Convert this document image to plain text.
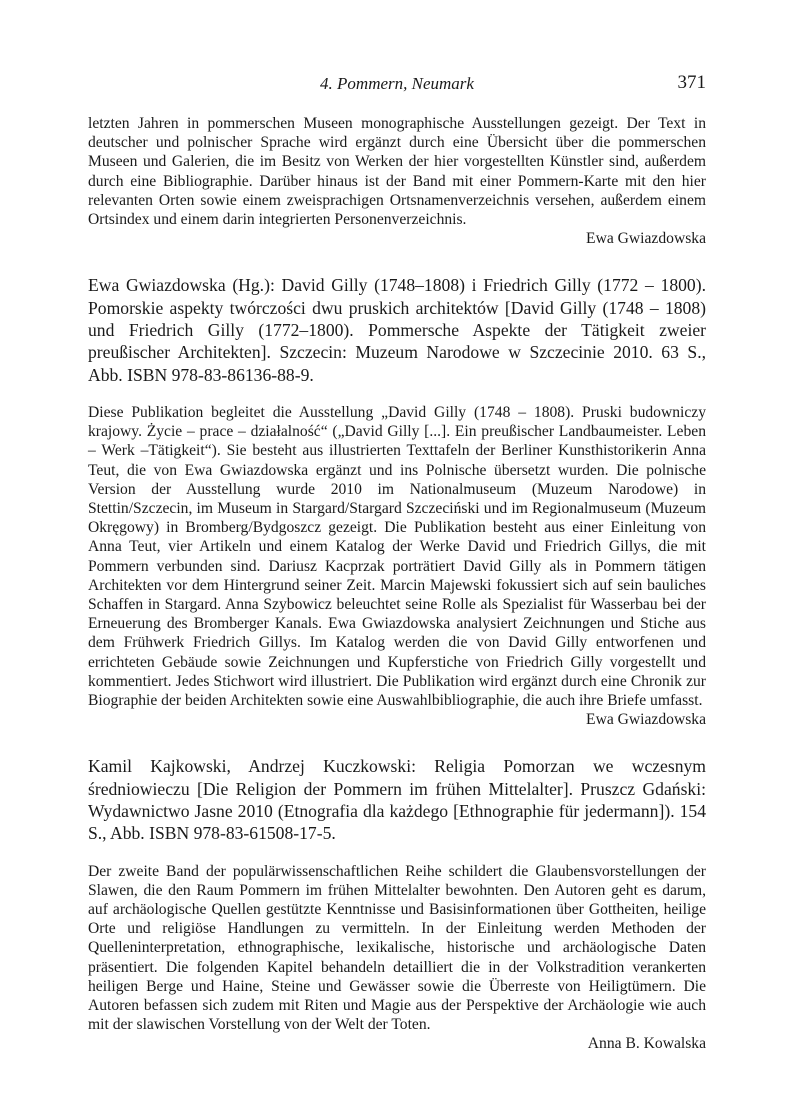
4. Pommern, Neumark	371

letzten Jahren in pommerschen Museen monographische Ausstellungen gezeigt. Der Text in deutscher und polnischer Sprache wird ergänzt durch eine Übersicht über die pommerschen Museen und Galerien, die im Besitz von Werken der hier vorgestellten Künstler sind, außerdem durch eine Bibliographie. Darüber hinaus ist der Band mit einer Pommern-Karte mit den hier relevanten Orten sowie einem zweisprachigen Ortsnamenverzeichnis versehen, außerdem einem Ortsindex und einem darin integrierten Personenverzeichnis.

Ewa Gwiazdowska

Ewa Gwiazdowska (Hg.): David Gilly (1748–1808) i Friedrich Gilly (1772 – 1800). Pomorskie aspekty twórczości dwu pruskich architektów [David Gilly (1748 – 1808) und Friedrich Gilly (1772–1800). Pommersche Aspekte der Tätigkeit zweier preußischer Architekten]. Szczecin: Muzeum Narodowe w Szczecinie 2010. 63 S., Abb. ISBN 978-83-86136-88-9.

Diese Publikation begleitet die Ausstellung „David Gilly (1748 – 1808). Pruski budowniczy krajowy. Życie – prace – działalność“ („David Gilly [...]. Ein preußischer Landbaumeister. Leben – Werk –Tätigkeit“). Sie besteht aus illustrierten Texttafeln der Berliner Kunsthistorikerin Anna Teut, die von Ewa Gwiazdowska ergänzt und ins Polnische übersetzt wurden. Die polnische Version der Ausstellung wurde 2010 im Nationalmuseum (Muzeum Narodowe) in Stettin/Szczecin, im Museum in Stargard/Stargard Szczeciński und im Regionalmuseum (Muzeum Okręgowy) in Bromberg/Bydgoszcz gezeigt. Die Publikation besteht aus einer Einleitung von Anna Teut, vier Artikeln und einem Katalog der Werke David und Friedrich Gillys, die mit Pommern verbunden sind. Dariusz Kacprzak porträtiert David Gilly als in Pommern tätigen Architekten vor dem Hintergrund seiner Zeit. Marcin Majewski fokussiert sich auf sein bauliches Schaffen in Stargard. Anna Szybowicz beleuchtet seine Rolle als Spezialist für Wasserbau bei der Erneuerung des Bromberger Kanals. Ewa Gwiazdowska analysiert Zeichnungen und Stiche aus dem Frühwerk Friedrich Gillys. Im Katalog werden die von David Gilly entworfenen und errichteten Gebäude sowie Zeichnungen und Kupferstiche von Friedrich Gilly vorgestellt und kommentiert. Jedes Stichwort wird illustriert. Die Publikation wird ergänzt durch eine Chronik zur Biographie der beiden Architekten sowie eine Auswahlbibliographie, die auch ihre Briefe umfasst.

Ewa Gwiazdowska

Kamil Kajkowski, Andrzej Kuczkowski: Religia Pomorzan we wczesnym średniowieczu [Die Religion der Pommern im frühen Mittelalter]. Pruszcz Gdański: Wydawnictwo Jasne 2010 (Etnografia dla każdego [Ethnographie für jedermann]). 154 S., Abb. ISBN 978-83-61508-17-5.

Der zweite Band der populärwissenschaftlichen Reihe schildert die Glaubensvorstellungen der Slawen, die den Raum Pommern im frühen Mittelalter bewohnten. Den Autoren geht es darum, auf archäologische Quellen gestützte Kenntnisse und Basisinformationen über Gottheiten, heilige Orte und religiöse Handlungen zu vermitteln. In der Einleitung werden Methoden der Quelleninterpretation, ethnographische, lexikalische, historische und archäologische Daten präsentiert. Die folgenden Kapitel behandeln detailliert die in der Volkstradition verankerten heiligen Berge und Haine, Steine und Gewässer sowie die Überreste von Heiligtümern. Die Autoren befassen sich zudem mit Riten und Magie aus der Perspektive der Archäologie wie auch mit der slawischen Vorstellung von der Welt der Toten.

Anna B. Kowalska
